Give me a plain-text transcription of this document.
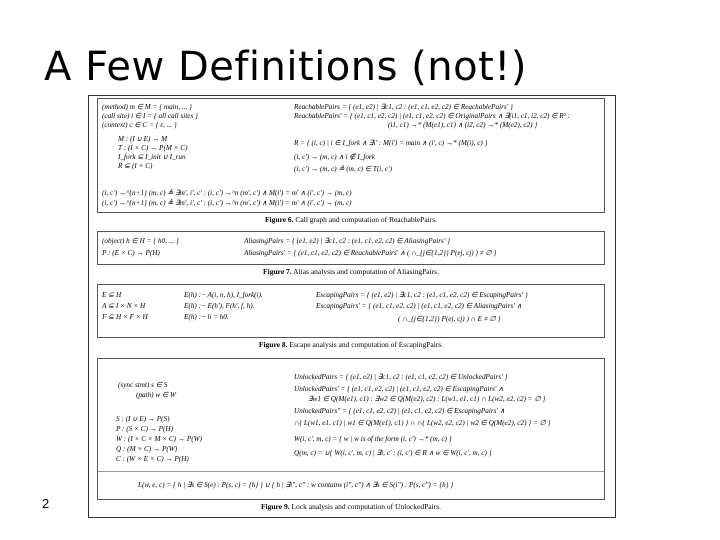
A Few Definitions (not!)
2
(method) m ∈ M = { main, ... }
(call site) i ∈ I = { all call sites }
(context) c ∈ C = { ε, ... }
M : (I ∪ E) → M
T : (I × C) → P(M × C)
I_fork ⊆ I_init ∪ I_run
R ⊆ (I × C)
(i, c') →^{n+1} (m, c) ≜ ∃m', i', c' : (i, c') →^n (m', c') ∧ M(i') = m' ∧ (i', c') → (m, c)
(i, c') →^{n+1} (m, c) ≜ ∃m', i', c' : (i, c') →^n (m', c') ∧ M(i') = m' ∧ (i', c') → (m, c)
ReachablePairs = { (e1, e2) | ∃c1, c2 : (e1, c1, e2, c2) ∈ ReachablePairs' }
ReachablePairs' = { (e1, c1, e2, c2) | (e1, c1, e2, c2) ∈ OriginalPairs ∧ ∃(i1, c1, i2, c2) ∈ R² :
(i1, c1) →* (M(e1), c1) ∧ (i2, c2) →* (M(e2), c2) }
R = { (i, c) | i ∈ I_fork ∧ ∃i' : M(i') = main ∧ (i', c) →* (M(i), c) }
(i, c') → (m, c) ∧ i ∉ I_fork
(i, c') → (m, c) ≜ (m, c) ∈ T(i, c')
Figure 6. Call graph and computation of ReachablePairs.
(object) h ∈ H = { h0, ... }
P : (E × C) → P(H)
AliasingPairs = { (e1, e2) | ∃c1, c2 : (e1, c1, e2, c2) ∈ AliasingPairs' }
AliasingPairs' = { (e1, c1, e2, c2) ∈ ReachablePairs' ∧ ( ∩_{j∈{1,2}} P(ej, cj) ) ≠ ∅ }
Figure 7. Alias analysis and computation of AliasingPairs.
E ⊆ H
A ⊆ I × N × H
F ⊆ H × F × H
E(h) :− A(i, n, h), I_fork(i).
E(h) :− E(h'), F(h', f, h).
E(h) :− h = h0.
EscapingPairs = { (e1, e2) | ∃c1, c2 : (e1, c1, e2, c2) ∈ EscapingPairs' }
EscapingPairs' = { (e1, c1, e2, c2) | (e1, c1, e2, c2) ∈ AliasingPairs' ∧
( ∩_{j∈{1,2}} P(ej, cj) ) ∩ E ≠ ∅ }
Figure 8. Escape analysis and computation of EscapingPairs.
(sync stmt) s ∈ S
(path) w ∈ W
S : (I ∪ E) → P(S)
P : (S × C) → P(H)
W : (I × C × M × C) → P(W)
Q : (M × C) → P(W)
C : (W × E × C) → P(H)
UnlockedPairs = { (e1, e2) | ∃c1, c2 : (e1, c1, e2, c2) ∈ UnlockedPairs' }
UnlockedPairs' = { (e1, c1, e2, c2) | (e1, c1, e2, c2) ∈ EscapingPairs' ∧
∃w1 ∈ Q(M(e1), c1) : ∃w2 ∈ Q(M(e2), c2) : L(w1, e1, c1) ∩ L(w2, e2, c2) = ∅ }
UnlockedPairs'' = { (e1, c1, e2, c2) | (e1, c1, e2, c2) ∈ EscapingPairs' ∧
∩{ L(w1, e1, c1) | w1 ∈ Q(M(e1), c1) } ∩ ∩{ L(w2, e2, c2) | w2 ∈ Q(M(e2), c2) } = ∅ }
W(i, c', m, c) = { w | w is of the form (i, c') →* (m, c) }
Q(m, c) = ∪{ W(i, c', m, c) | ∃i, c' : (i, c') ∈ R ∧ w ∈ W(i, c', m, c) }
L(w, e, c) = { h | ∃s ∈ S(e) : P(s, c) = {h} } ∪ { h | ∃i'', c'' : w contains (i'', c'') ∧ ∃s ∈ S(i'') : P(s, c'') = {h} }
Figure 9. Lock analysis and computation of UnlockedPairs.
